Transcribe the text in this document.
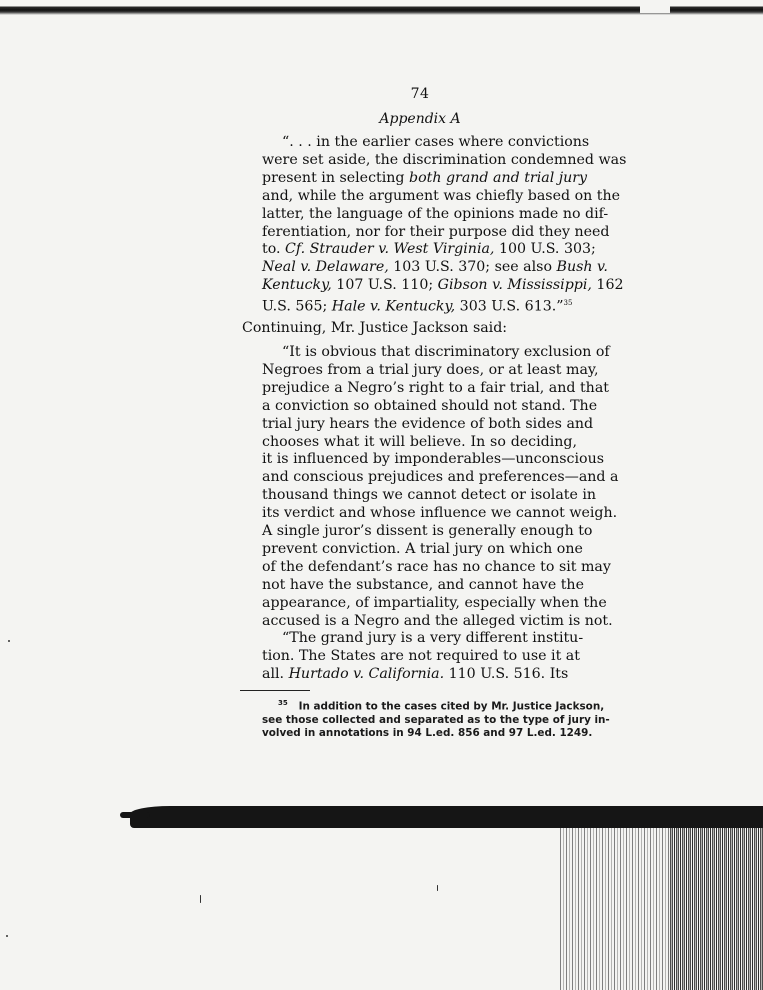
74
Appendix A
“. . . in the earlier cases where convictions
were set aside, the discrimination condemned was
present in selecting both grand and trial jury
and, while the argument was chiefly based on the
latter, the language of the opinions made no dif-
ferentiation, nor for their purpose did they need
to. Cf. Strauder v. West Virginia, 100 U.S. 303;
Neal v. Delaware, 103 U.S. 370; see also Bush v.
Kentucky, 107 U.S. 110; Gibson v. Mississippi, 162
U.S. 565; Hale v. Kentucky, 303 U.S. 613.”$^{35}$
Continuing, Mr. Justice Jackson said:
“It is obvious that discriminatory exclusion of
Negroes from a trial jury does, or at least may,
prejudice a Negro’s right to a fair trial, and that
a conviction so obtained should not stand. The
trial jury hears the evidence of both sides and
chooses what it will believe. In so deciding,
it is influenced by imponderables—unconscious
and conscious prejudices and preferences—and a
thousand things we cannot detect or isolate in
its verdict and whose influence we cannot weigh.
A single juror’s dissent is generally enough to
prevent conviction. A trial jury on which one
of the defendant’s race has no chance to sit may
not have the substance, and cannot have the
appearance, of impartiality, especially when the
accused is a Negro and the alleged victim is not.
“The grand jury is a very different institu-
tion. The States are not required to use it at
all. Hurtado v. California. 110 U.S. 516. Its
$^{35}$ In addition to the cases cited by Mr. Justice Jackson,
see those collected and separated as to the type of jury in-
volved in annotations in 94 L.ed. 856 and 97 L.ed. 1249.
